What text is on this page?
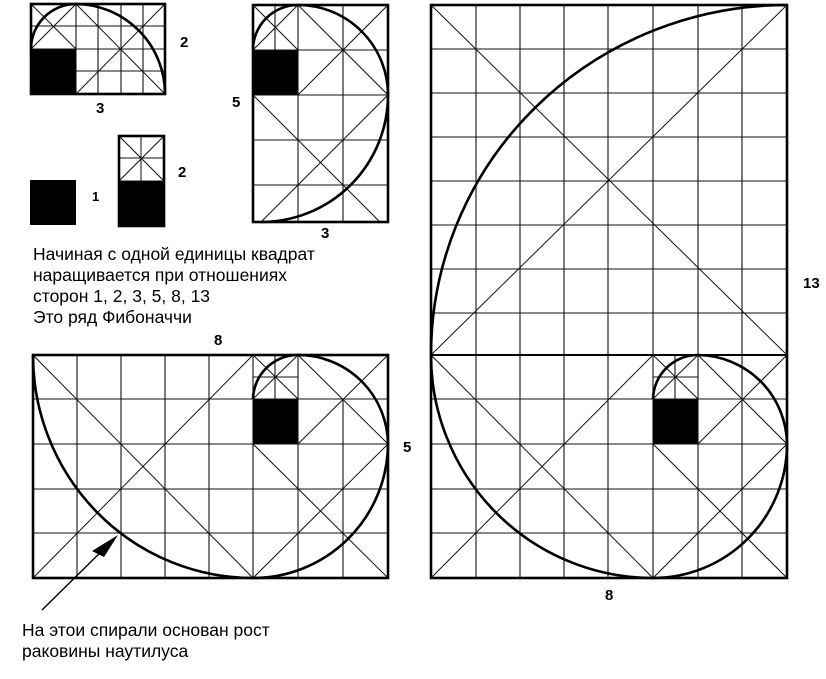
3
2
1
2
5
3
8
5
13
8
Начиная с одной единицы квадрат
наращивается при отношениях
сторон 1, 2, 3, 5, 8, 13
Это ряд Фибоначчи
На этои спирали основан рост
раковины наутилуса
